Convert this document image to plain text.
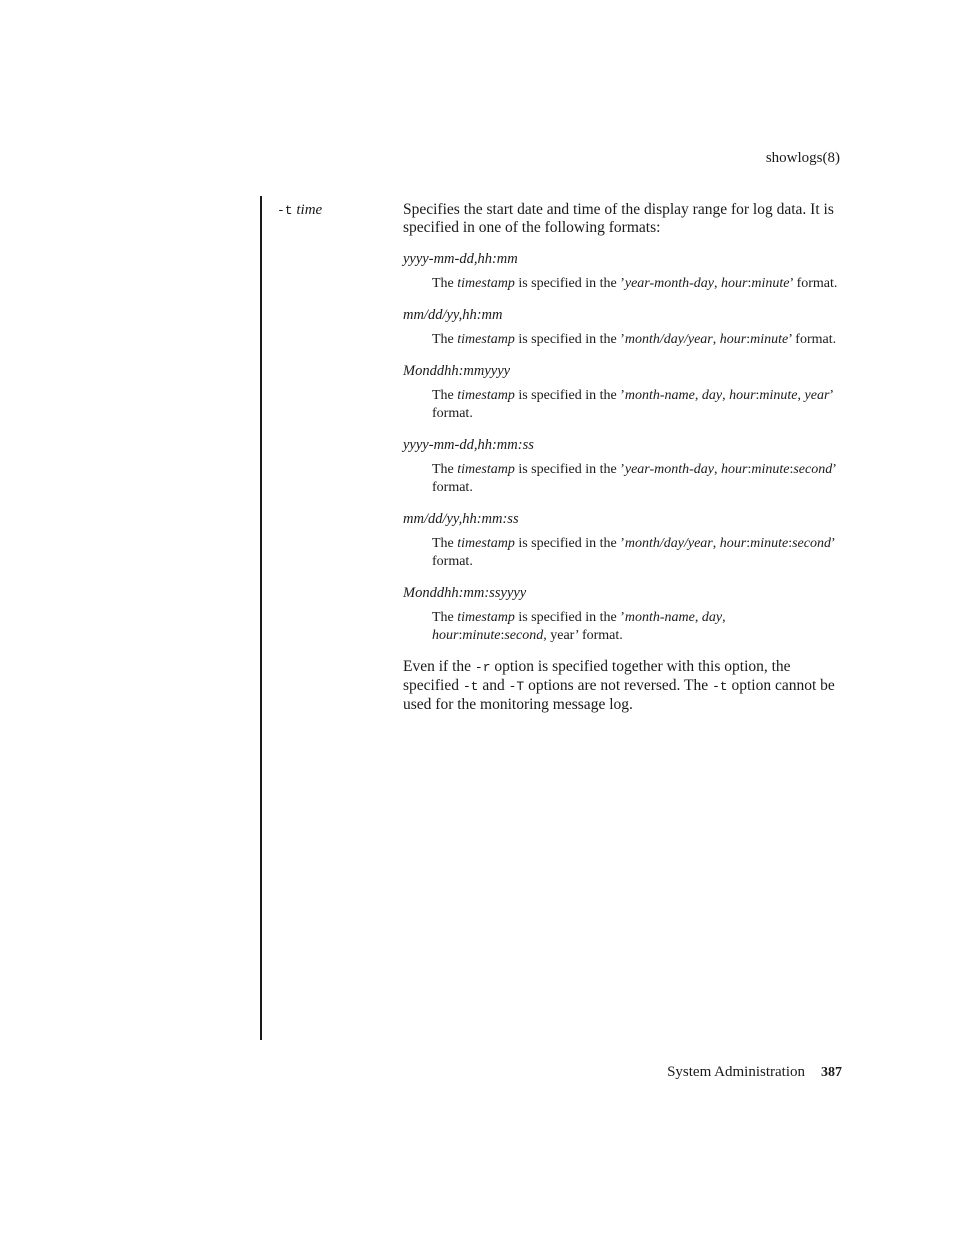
showlogs(8)
-t time	Specifies the start date and time of the display range for log data. It is specified in one of the following formats:

yyyy-mm-dd,hh:mm
The timestamp is specified in the ’year-month-day, hour:minute’ format.
mm/dd/yy,hh:mm
The timestamp is specified in the ’month/day/year, hour:minute’ format.
Monddhh:mmyyyy
The timestamp is specified in the ’month-name, day, hour:minute, year’ format.
yyyy-mm-dd,hh:mm:ss
The timestamp is specified in the ’year-month-day, hour:minute:second’ format.
mm/dd/yy,hh:mm:ss
The timestamp is specified in the ’month/day/year, hour:minute:second’ format.
Monddhh:mm:ssyyyy
The timestamp is specified in the ’month-name, day, hour:minute:second, year’ format.

Even if the -r option is specified together with this option, the specified -t and -T options are not reversed. The -t option cannot be used for the monitoring message log.

System Administration 387
